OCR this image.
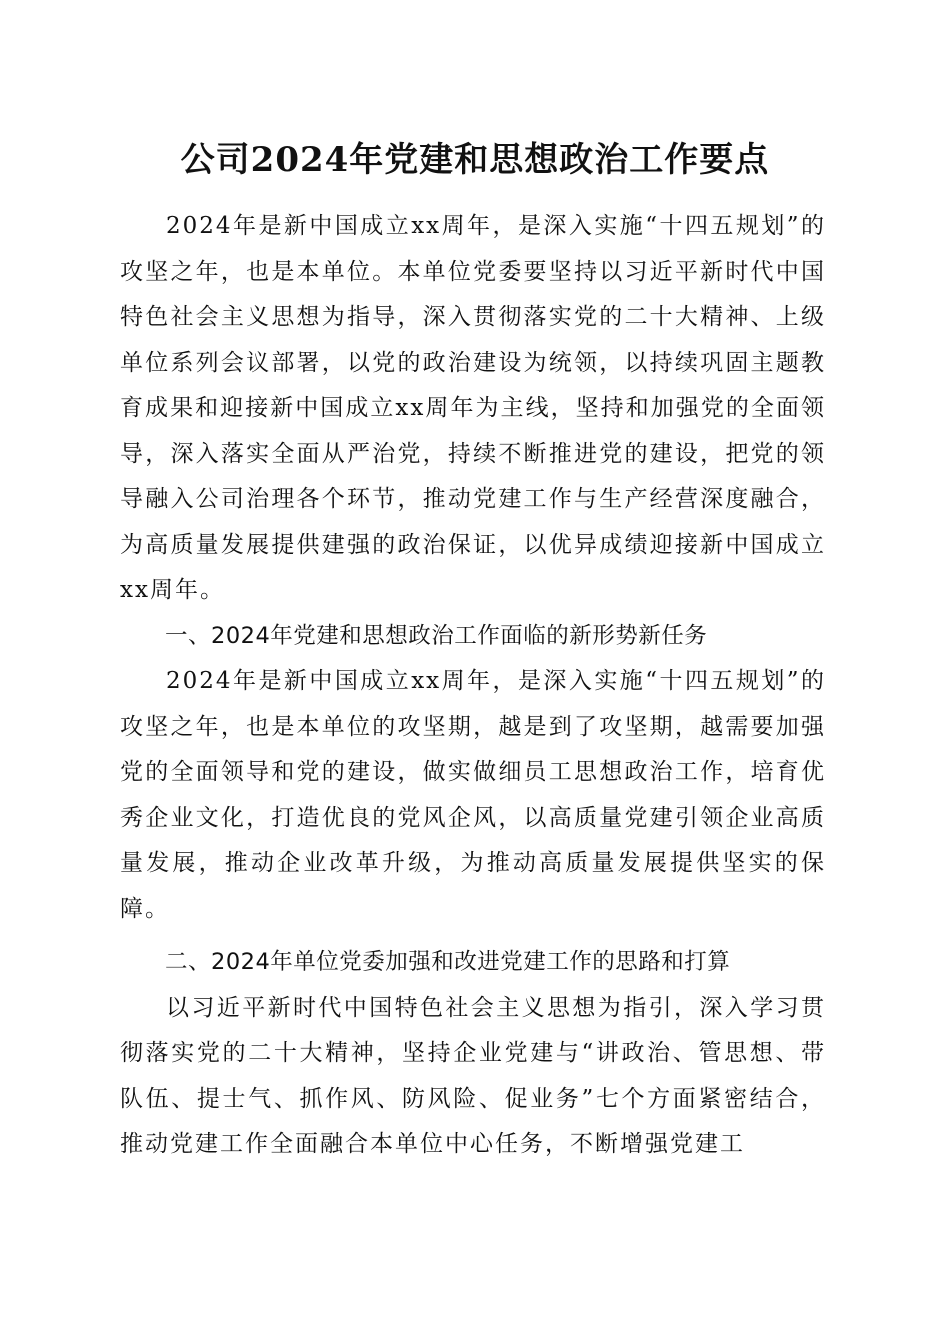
公司2024年党建和思想政治工作要点

2024年是新中国成立xx周年，是深入实施“十四五规划”的攻坚之年，也是本单位。本单位党委要坚持以习近平新时代中国特色社会主义思想为指导，深入贯彻落实党的二十大精神、上级单位系列会议部署，以党的政治建设为统领，以持续巩固主题教育成果和迎接新中国成立xx周年为主线，坚持和加强党的全面领导，深入落实全面从严治党，持续不断推进党的建设，把党的领导融入公司治理各个环节，推动党建工作与生产经营深度融合，为高质量发展提供建强的政治保证，以优异成绩迎接新中国成立xx周年。

一、2024年党建和思想政治工作面临的新形势新任务

2024年是新中国成立xx周年，是深入实施“十四五规划”的攻坚之年，也是本单位的攻坚期，越是到了攻坚期，越需要加强党的全面领导和党的建设，做实做细员工思想政治工作，培育优秀企业文化，打造优良的党风企风，以高质量党建引领企业高质量发展，推动企业改革升级，为推动高质量发展提供坚实的保障。

二、2024年单位党委加强和改进党建工作的思路和打算

以习近平新时代中国特色社会主义思想为指引，深入学习贯彻落实党的二十大精神，坚持企业党建与“讲政治、管思想、带队伍、提士气、抓作风、防风险、促业务”七个方面紧密结合，推动党建工作全面融合本单位中心任务，不断增强党建工
